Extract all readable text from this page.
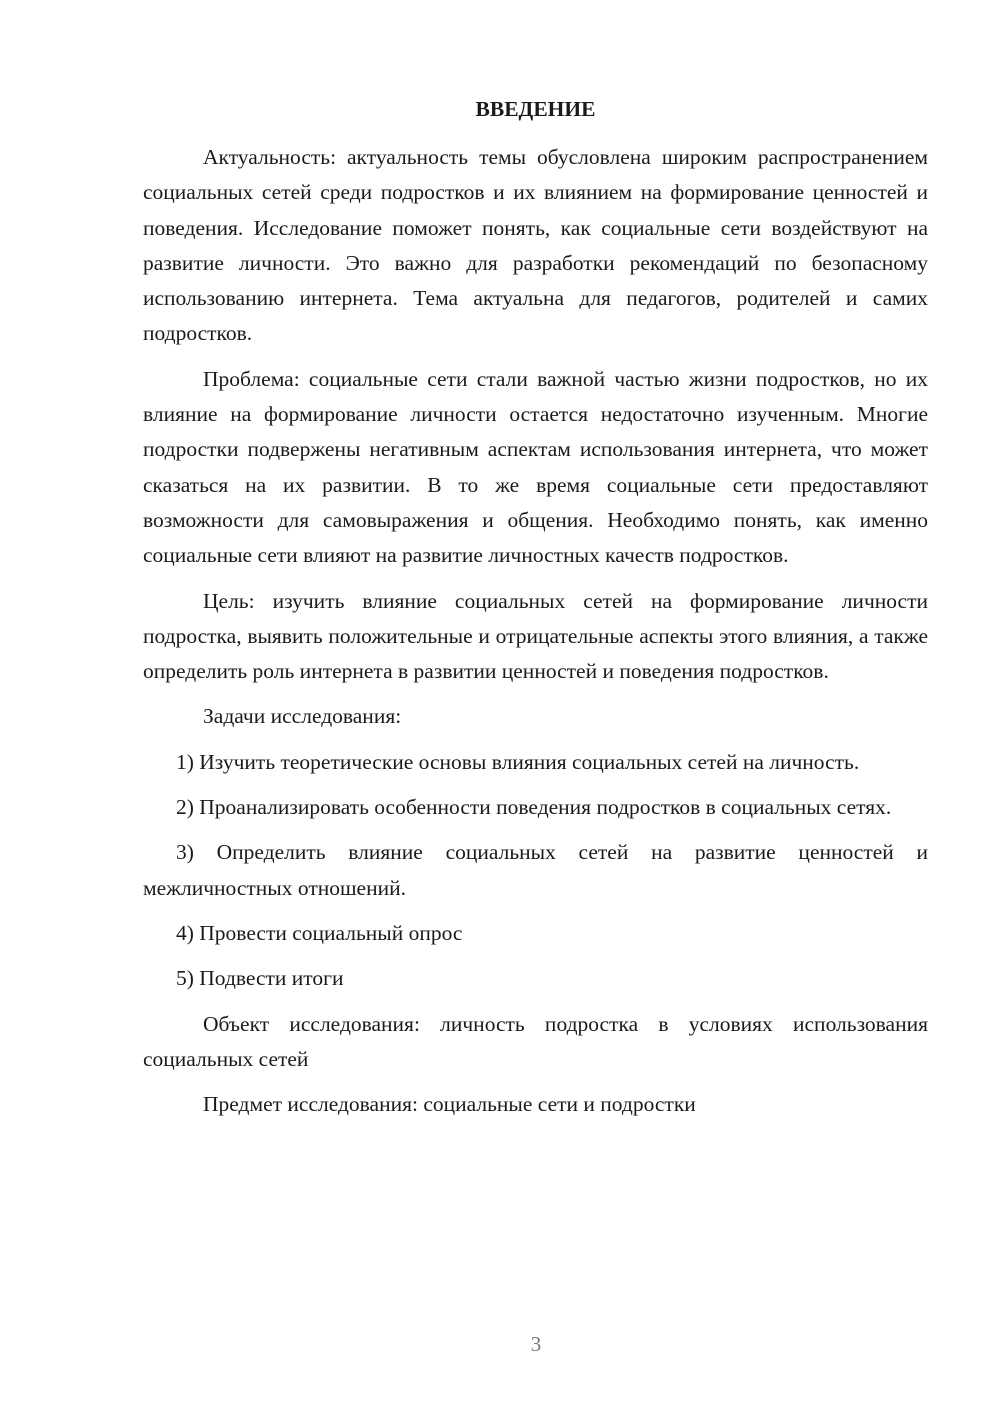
ВВЕДЕНИЕ

Актуальность: актуальность темы обусловлена широким распространением социальных сетей среди подростков и их влиянием на формирование ценностей и поведения. Исследование поможет понять, как социальные сети воздействуют на развитие личности. Это важно для разработки рекомендаций по безопасному использованию интернета. Тема актуальна для педагогов, родителей и самих подростков.

Проблема: социальные сети стали важной частью жизни подростков, но их влияние на формирование личности остается недостаточно изученным. Многие подростки подвержены негативным аспектам использования интернета, что может сказаться на их развитии. В то же время социальные сети предоставляют возможности для самовыражения и общения. Необходимо понять, как именно социальные сети влияют на развитие личностных качеств подростков.

Цель: изучить влияние социальных сетей на формирование личности подростка, выявить положительные и отрицательные аспекты этого влияния, а также определить роль интернета в развитии ценностей и поведения подростков.

Задачи исследования:

1) Изучить теоретические основы влияния социальных сетей на личность.

2) Проанализировать особенности поведения подростков в социальных сетях.

3) Определить влияние социальных сетей на развитие ценностей и межличностных отношений.

4) Провести социальный опрос

5) Подвести итоги

Объект исследования: личность подростка в условиях использования социальных сетей

Предмет исследования: социальные сети и подростки

3
